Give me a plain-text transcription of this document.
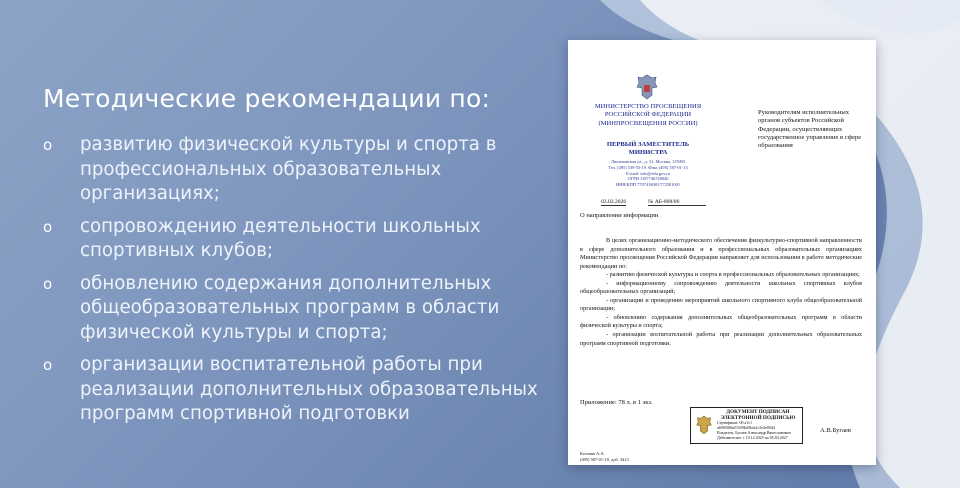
Методические рекомендации по:
o развитию физической культуры и спорта в профессиональных образовательных организациях;
o сопровождению деятельности школьных спортивных клубов;
o обновлению содержания дополнительных общеобразовательных программ в области физической культуры и спорта;
o организации воспитательной работы при реализации дополнительных образовательных программ спортивной подготовки
МИНИСТЕРСТВО ПРОСВЕЩЕНИЯ
РОССИЙСКОЙ ФЕДЕРАЦИИ
(МИНПРОСВЕЩЕНИЯ РОССИИ)
ПЕРВЫЙ ЗАМЕСТИТЕЛЬ МИНИСТРА
Люсиновская ул., д. 51, Москва, 115093
Тел. (495) 539-55-19. Факс (495) 587-01-13
E-mail: info@edu.gov.ru
ОГРН 1187746728840
ИНН/КПП 7707418081/772501001
03.03.2026	№ АБ-808/06
Руководителям исполнительных органов субъектов Российской Федерации, осуществляющих государственное управление в сфере образования
О направлении информации

В целях организационно-методического обеспечения физкультурно-спортивной направленности в сфере дополнительного образования и в профессиональных образовательных организациях Министерство просвещения Российской Федерации направляет для использования в работе методические рекомендации по:

- развитию физической культуры и спорта в профессиональных образовательных организациях;

- информационному сопровождению деятельности школьных спортивных клубов общеобразовательных организаций;

- организации и проведению мероприятий школьного спортивного клуба общеобразовательной организации;

- обновлению содержания дополнительных общеобразовательных программ в области физической культуры и спорта;

- организации воспитательной работы при реализации дополнительных образовательных программ спортивной подготовки.

Приложение: 78 л. в 1 экз.
ДОКУМЕНТ ПОДПИСАН
ЭЛЕКТРОННОЙ ПОДПИСЬЮ
Сертификат: 00 a1c1 a6905066a57e09bd5bfa1c5e2e09d4
Владелец: Бугаев Александр Вячеславович
Действителен: с 10.12.2025 по 05.03.2027
А.В.Бугаев
Козлова А.А.
(495) 587-01-10, доб. 3413
